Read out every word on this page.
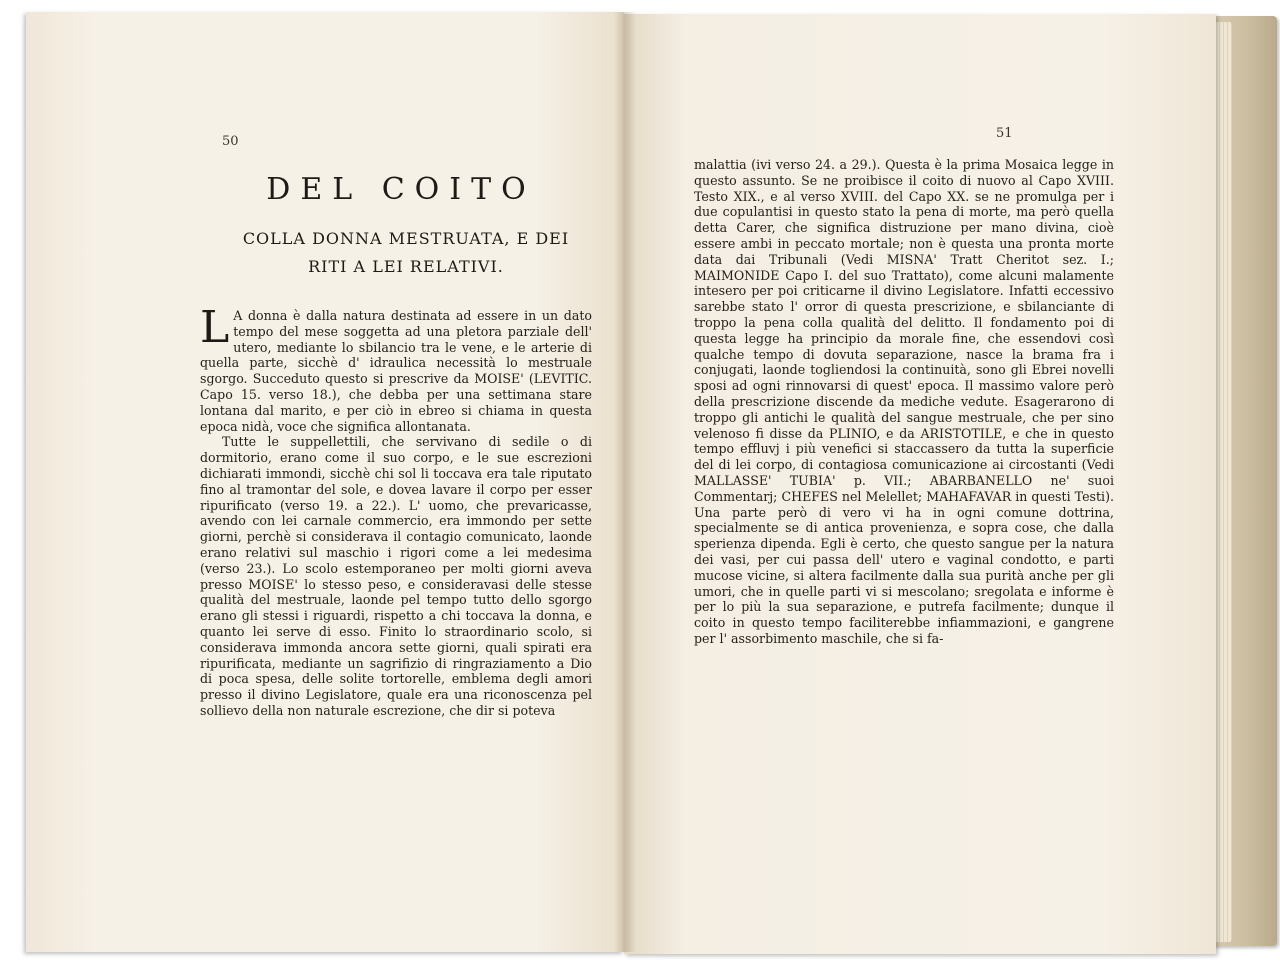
50
DEL COITO
COLLA DONNA MESTRUATA, E DEI
RITI A LEI RELATIVI.

L A donna è dalla natura destinata ad essere in un dato tempo del mese soggetta ad una pletora parziale dell' utero, mediante lo sbilancio tra le vene, e le arterie di quella parte, sicchè d' idraulica necessità lo mestruale sgorgo. Succeduto questo si prescrive da MOISE' (LEVITIC. Capo 15. verso 18.), che debba per una settimana stare lontana dal marito, e per ciò in ebreo si chiama in questa epoca nidà, voce che significa allontanata.

Tutte le suppellettili, che servivano di sedile o di dormitorio, erano come il suo corpo, e le sue escrezioni dichiarati immondi, sicchè chi sol li toccava era tale riputato fino al tramontar del sole, e dovea lavare il corpo per esser ripurificato (verso 19. a 22.). L' uomo, che prevaricasse, avendo con lei carnale commercio, era immondo per sette giorni, perchè si considerava il contagio comunicato, laonde erano relativi sul maschio i rigori come a lei medesima (verso 23.). Lo scolo estemporaneo per molti giorni aveva presso MOISE' lo stesso peso, e consideravasi delle stesse qualità del mestruale, laonde pel tempo tutto dello sgorgo erano gli stessi i riguardi, rispetto a chi toccava la donna, e quanto lei serve di esso. Finito lo straordinario scolo, si considerava immonda ancora sette giorni, quali spirati era ripurificata, mediante un sagrifizio di ringraziamento a Dio di poca spesa, delle solite tortorelle, emblema degli amori presso il divino Legislatore, quale era una riconoscenza pel sollievo della non naturale escrezione, che dir si poteva

51

malattia (ivi verso 24. a 29.). Questa è la prima Mosaica legge in questo assunto. Se ne proibisce il coito di nuovo al Capo XVIII. Testo XIX., e al verso XVIII. del Capo XX. se ne promulga per i due copulantisi in questo stato la pena di morte, ma però quella detta Carer, che significa distruzione per mano divina, cioè essere ambi in peccato mortale; non è questa una pronta morte data dai Tribunali (Vedi MISNA' Tratt Cheritot sez. I.; MAIMONIDE Capo I. del suo Trattato), come alcuni malamente intesero per poi criticarne il divino Legislatore. Infatti eccessivo sarebbe stato l' orror di questa prescrizione, e sbilanciante di troppo la pena colla qualità del delitto. Il fondamento poi di questa legge ha principio da morale fine, che essendovi così qualche tempo di dovuta separazione, nasce la brama fra i conjugati, laonde togliendosi la continuità, sono gli Ebrei novelli sposi ad ogni rinnovarsi di quest' epoca. Il massimo valore però della prescrizione discende da mediche vedute. Esagerarono di troppo gli antichi le qualità del sangue mestruale, che per sino velenoso fi disse da PLINIO, e da ARISTOTILE, e che in questo tempo effluvj i più venefici si staccassero da tutta la superficie del di lei corpo, di contagiosa comunicazione ai circostanti (Vedi MALLASSE' TUBIA' p. VII.; ABARBANELLO ne' suoi Commentarj; CHEFES nel Melellet; MAHAFAVAR in questi Testi). Una parte però di vero vi ha in ogni comune dottrina, specialmente se di antica provenienza, e sopra cose, che dalla sperienza dipenda. Egli è certo, che questo sangue per la natura dei vasi, per cui passa dell' utero e vaginal condotto, e parti mucose vicine, si altera facilmente dalla sua purità anche per gli umori, che in quelle parti vi si mescolano; sregolata e informe è per lo più la sua separazione, e putrefa facilmente; dunque il coito in questo tempo faciliterebbe infiammazioni, e gangrene per l' assorbimento maschile, che si fa-
